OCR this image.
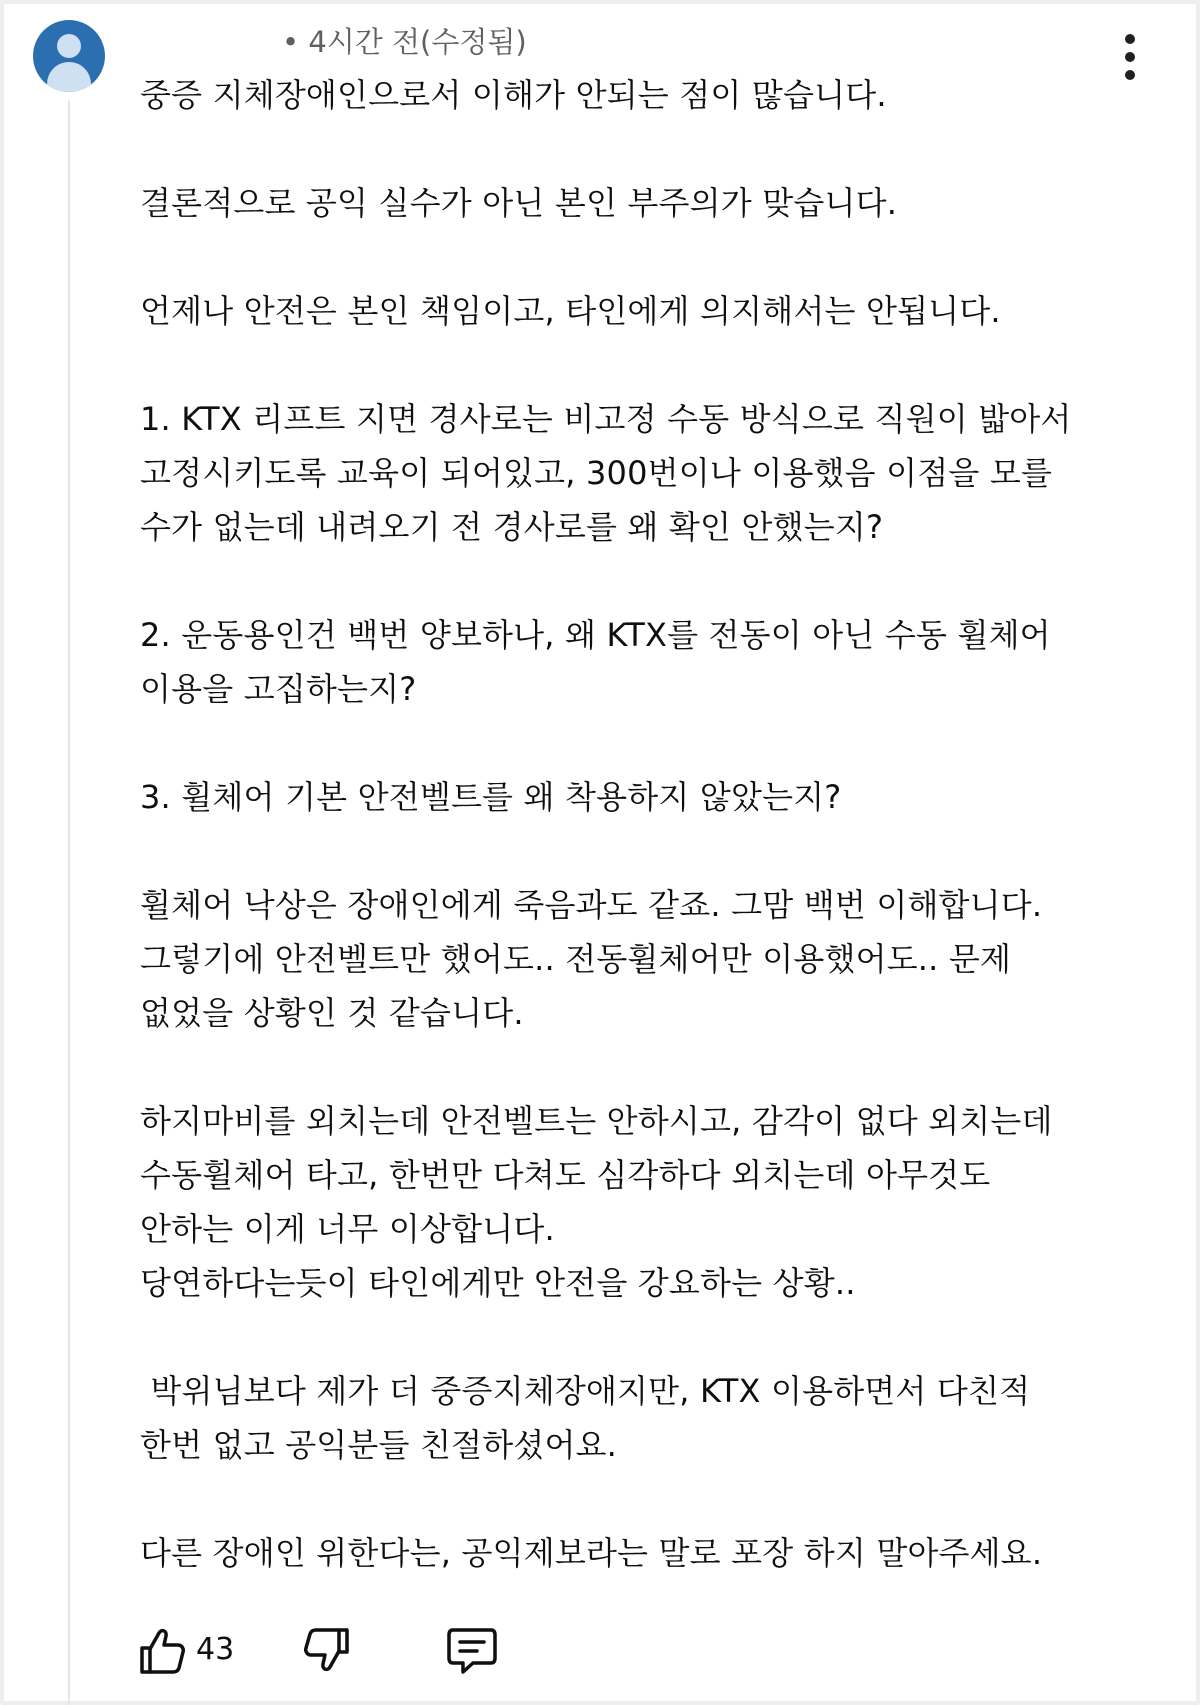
• 4시간 전(수정됨)
중증 지체장애인으로서 이해가 안되는 점이 많습니다.
결론적으로 공익 실수가 아닌 본인 부주의가 맞습니다.
언제나 안전은 본인 책임이고, 타인에게 의지해서는 안됩니다.
1. KTX 리프트 지면 경사로는 비고정 수동 방식으로 직원이 밟아서
고정시키도록 교육이 되어있고, 300번이나 이용했음 이점을 모를
수가 없는데 내려오기 전 경사로를 왜 확인 안했는지?
2. 운동용인건 백번 양보하나, 왜 KTX를 전동이 아닌 수동 휠체어
이용을 고집하는지?
3. 휠체어 기본 안전벨트를 왜 착용하지 않았는지?
휠체어 낙상은 장애인에게 죽음과도 같죠. 그맘 백번 이해합니다.
그렇기에 안전벨트만 했어도.. 전동휠체어만 이용했어도.. 문제
없었을 상황인 것 같습니다.
하지마비를 외치는데 안전벨트는 안하시고, 감각이 없다 외치는데
수동휠체어 타고, 한번만 다쳐도 심각하다 외치는데 아무것도
안하는 이게 너무 이상합니다.
당연하다는듯이 타인에게만 안전을 강요하는 상황..
박위님보다 제가 더 중증지체장애지만, KTX 이용하면서 다친적
한번 없고 공익분들 친절하셨어요.
다른 장애인 위한다는, 공익제보라는 말로 포장 하지 말아주세요.
43
